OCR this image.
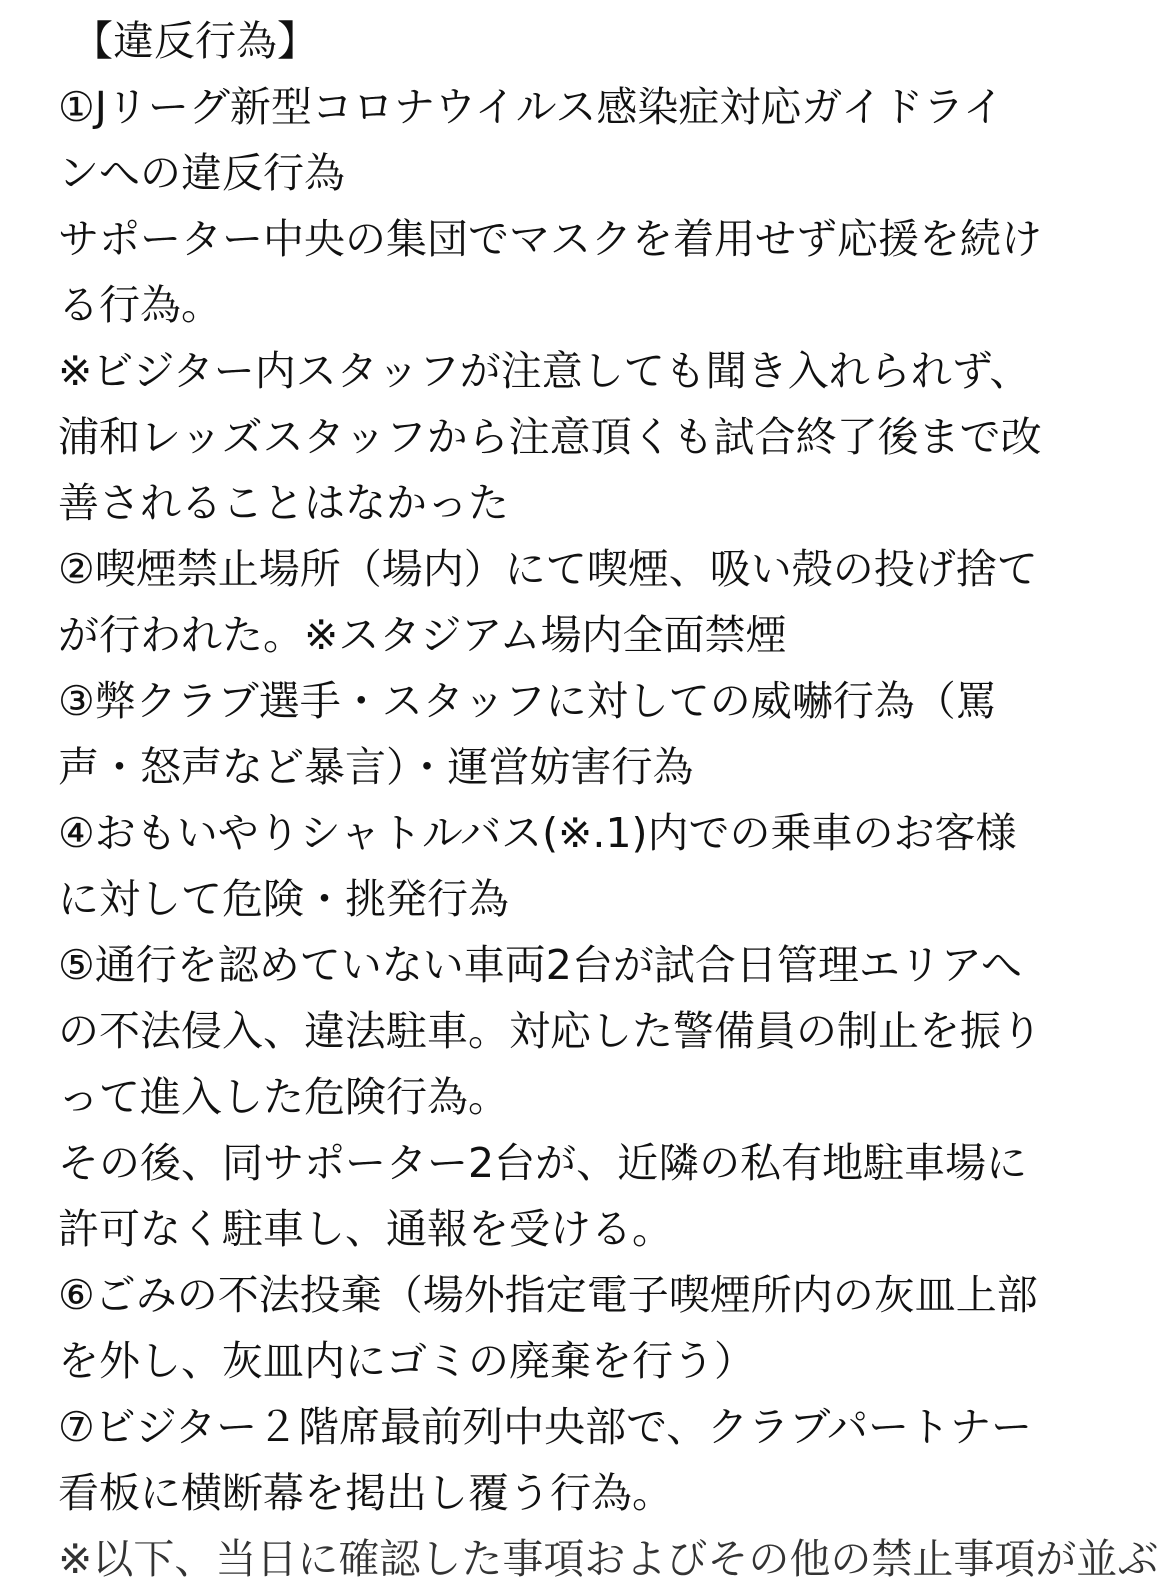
【違反行為】
①Jリーグ新型コロナウイルス感染症対応ガイドライ
ンへの違反行為
サポーター中央の集団でマスクを着用せず応援を続け
る行為。
※ビジター内スタッフが注意しても聞き入れられず、
浦和レッズスタッフから注意頂くも試合終了後まで改
善されることはなかった
②喫煙禁止場所（場内）にて喫煙、吸い殻の投げ捨て
が行われた。※スタジアム場内全面禁煙
③弊クラブ選手・スタッフに対しての威嚇行為（罵
声・怒声など暴言）・運営妨害行為
④おもいやりシャトルバス(※.1)内での乗車のお客様
に対して危険・挑発行為
⑤通行を認めていない車両2台が試合日管理エリアへ
の不法侵入、違法駐車。対応した警備員の制止を振り
って進入した危険行為。
その後、同サポーター2台が、近隣の私有地駐車場に
許可なく駐車し、通報を受ける。
⑥ごみの不法投棄（場外指定電子喫煙所内の灰皿上部
を外し、灰皿内にゴミの廃棄を行う）
⑦ビジター２階席最前列中央部で、クラブパートナー
看板に横断幕を掲出し覆う行為。
※以下、当日に確認した事項およびその他の禁止事項が並ぶ
